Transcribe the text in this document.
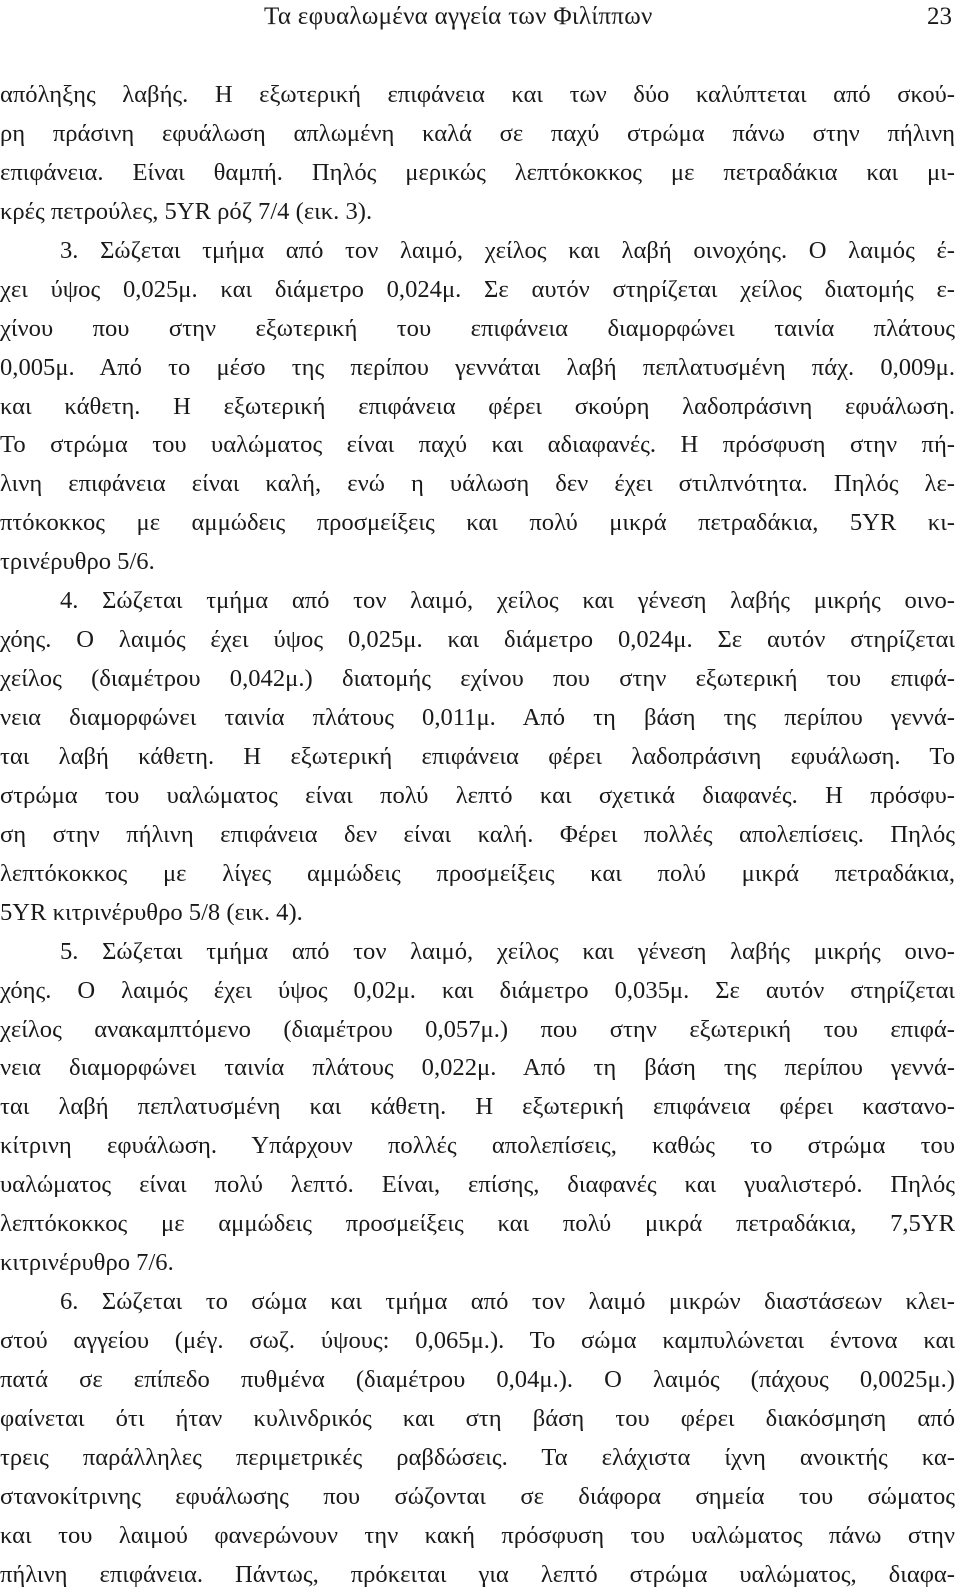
Τα εφυαλωμένα αγγεία των Φιλίππων	23
απόληξης λαβής. Η εξωτερική επιφάνεια και των δύο καλύπτεται από σκού-
ρη πράσινη εφυάλωση απλωμένη καλά σε παχύ στρώμα πάνω στην πήλινη
επιφάνεια. Είναι θαμπή. Πηλός μερικώς λεπτόκοκκος με πετραδάκια και μι-
κρές πετρούλες, 5YR ρόζ 7/4 (εικ. 3).
3. Σώζεται τμήμα από τον λαιμό, χείλος και λαβή οινοχόης. Ο λαιμός έ-
χει ύψος 0,025μ. και διάμετρο 0,024μ. Σε αυτόν στηρίζεται χείλος διατομής ε-
χίνου που στην εξωτερική του επιφάνεια διαμορφώνει ταινία πλάτους
0,005μ. Από το μέσο της περίπου γεννάται λαβή πεπλατυσμένη πάχ. 0,009μ.
και κάθετη. Η εξωτερική επιφάνεια φέρει σκούρη λαδοπράσινη εφυάλωση.
Το στρώμα του υαλώματος είναι παχύ και αδιαφανές. Η πρόσφυση στην πή-
λινη επιφάνεια είναι καλή, ενώ η υάλωση δεν έχει στιλπνότητα. Πηλός λε-
πτόκοκκος με αμμώδεις προσμείξεις και πολύ μικρά πετραδάκια, 5YR κι-
τρινέρυθρο 5/6.
4. Σώζεται τμήμα από τον λαιμό, χείλος και γένεση λαβής μικρής οινο-
χόης. Ο λαιμός έχει ύψος 0,025μ. και διάμετρο 0,024μ. Σε αυτόν στηρίζεται
χείλος (διαμέτρου 0,042μ.) διατομής εχίνου που στην εξωτερική του επιφά-
νεια διαμορφώνει ταινία πλάτους 0,011μ. Από τη βάση της περίπου γεννά-
ται λαβή κάθετη. Η εξωτερική επιφάνεια φέρει λαδοπράσινη εφυάλωση. Το
στρώμα του υαλώματος είναι πολύ λεπτό και σχετικά διαφανές. Η πρόσφυ-
ση στην πήλινη επιφάνεια δεν είναι καλή. Φέρει πολλές απολεπίσεις. Πηλός
λεπτόκοκκος με λίγες αμμώδεις προσμείξεις και πολύ μικρά πετραδάκια,
5YR κιτρινέρυθρο 5/8 (εικ. 4).
5. Σώζεται τμήμα από τον λαιμό, χείλος και γένεση λαβής μικρής οινο-
χόης. Ο λαιμός έχει ύψος 0,02μ. και διάμετρο 0,035μ. Σε αυτόν στηρίζεται
χείλος ανακαμπτόμενο (διαμέτρου 0,057μ.) που στην εξωτερική του επιφά-
νεια διαμορφώνει ταινία πλάτους 0,022μ. Από τη βάση της περίπου γεννά-
ται λαβή πεπλατυσμένη και κάθετη. Η εξωτερική επιφάνεια φέρει καστανο-
κίτρινη εφυάλωση. Υπάρχουν πολλές απολεπίσεις, καθώς το στρώμα του
υαλώματος είναι πολύ λεπτό. Είναι, επίσης, διαφανές και γυαλιστερό. Πηλός
λεπτόκοκκος με αμμώδεις προσμείξεις και πολύ μικρά πετραδάκια, 7,5YR
κιτρινέρυθρο 7/6.
6. Σώζεται το σώμα και τμήμα από τον λαιμό μικρών διαστάσεων κλει-
στού αγγείου (μέγ. σωζ. ύψους: 0,065μ.). Το σώμα καμπυλώνεται έντονα και
πατά σε επίπεδο πυθμένα (διαμέτρου 0,04μ.). Ο λαιμός (πάχους 0,0025μ.)
φαίνεται ότι ήταν κυλινδρικός και στη βάση του φέρει διακόσμηση από
τρεις παράλληλες περιμετρικές ραβδώσεις. Τα ελάχιστα ίχνη ανοικτής κα-
στανοκίτρινης εφυάλωσης που σώζονται σε διάφορα σημεία του σώματος
και του λαιμού φανερώνουν την κακή πρόσφυση του υαλώματος πάνω στην
πήλινη επιφάνεια. Πάντως, πρόκειται για λεπτό στρώμα υαλώματος, διαφα-
